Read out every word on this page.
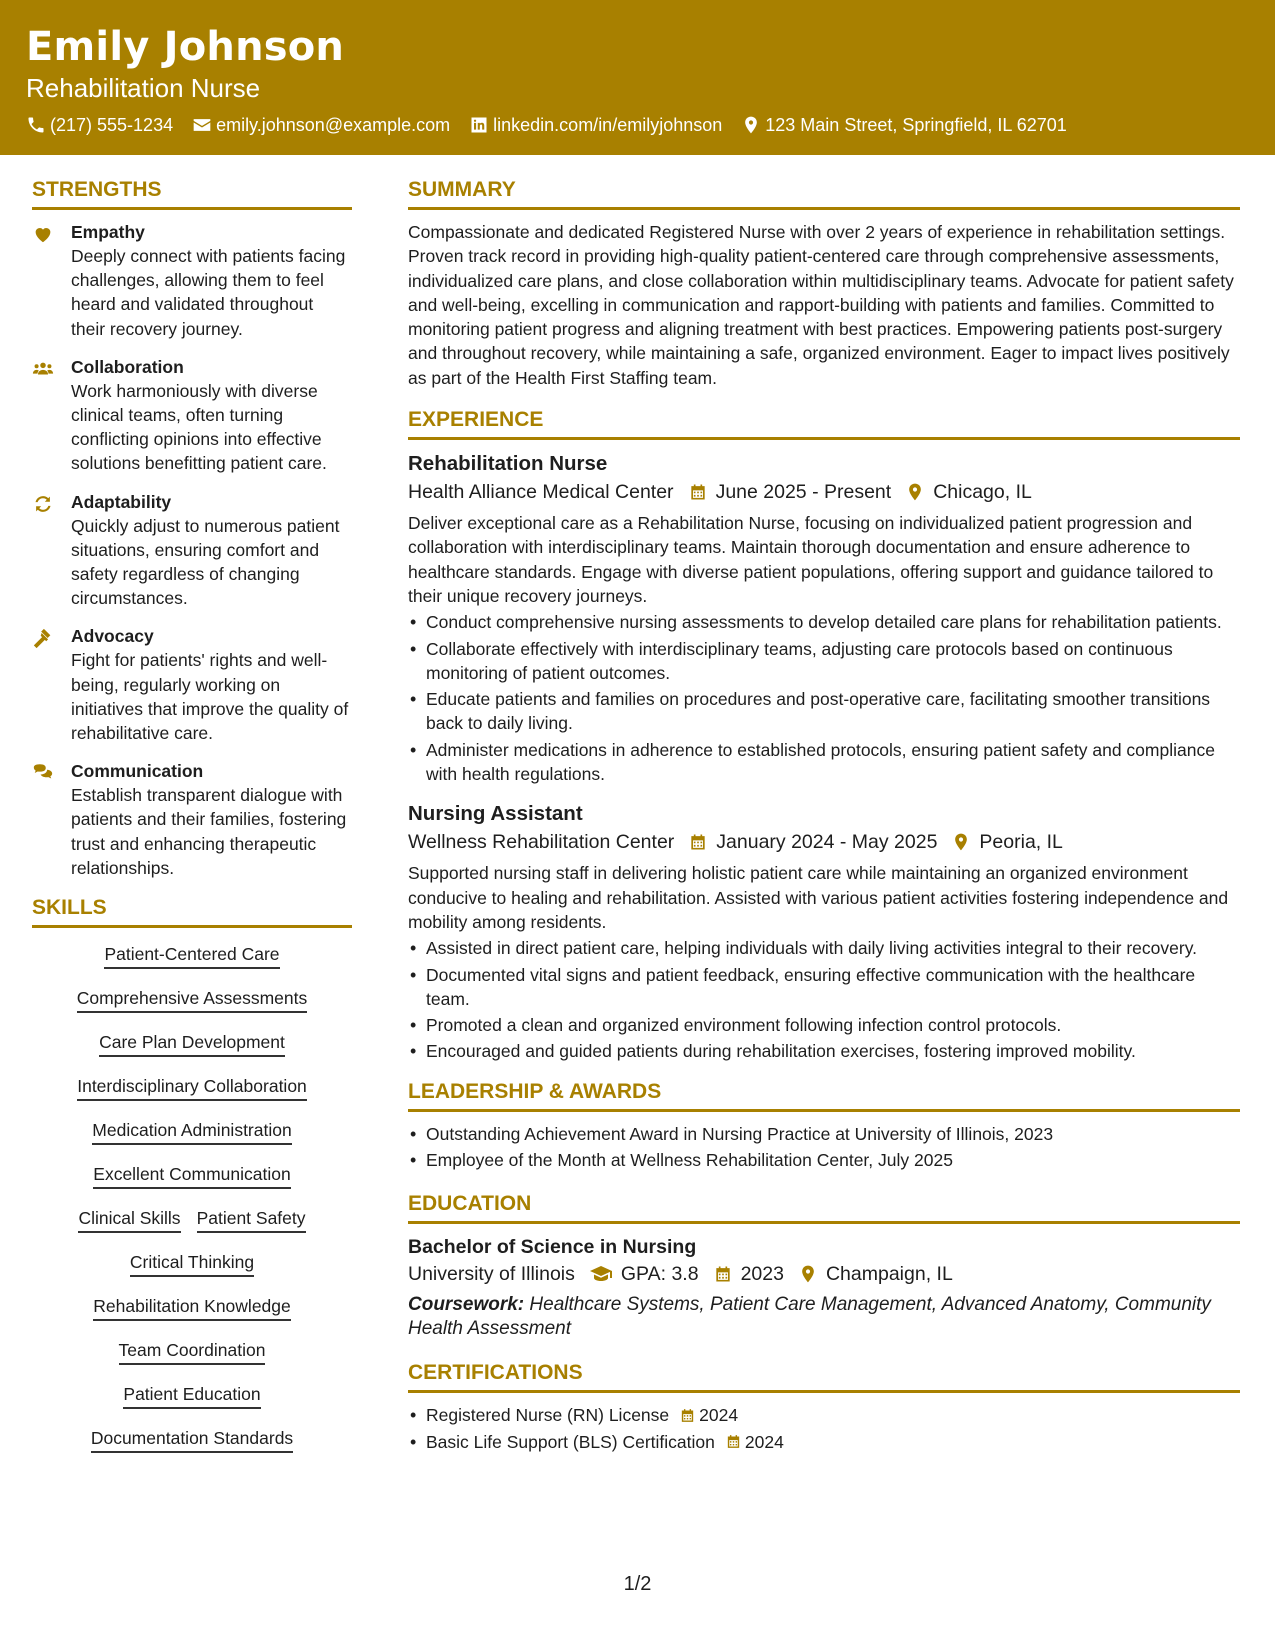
Emily Johnson
Rehabilitation Nurse
(217) 555-1234 emily.johnson@example.com linkedin.com/in/emilyjohnson 123 Main Street, Springfield, IL 62701
STRENGTHS
Empathy
Deeply connect with patients facing challenges, allowing them to feel heard and validated throughout their recovery journey.
Collaboration
Work harmoniously with diverse clinical teams, often turning conflicting opinions into effective solutions benefitting patient care.
Adaptability
Quickly adjust to numerous patient situations, ensuring comfort and safety regardless of changing circumstances.
Advocacy
Fight for patients' rights and well-being, regularly working on initiatives that improve the quality of rehabilitative care.
Communication
Establish transparent dialogue with patients and their families, fostering trust and enhancing therapeutic relationships.
SKILLS
Patient-Centered Care
Comprehensive Assessments
Care Plan Development
Interdisciplinary Collaboration
Medication Administration
Excellent Communication
Clinical Skills Patient Safety
Critical Thinking
Rehabilitation Knowledge
Team Coordination
Patient Education
Documentation Standards
SUMMARY
Compassionate and dedicated Registered Nurse with over 2 years of experience in rehabilitation settings. Proven track record in providing high-quality patient-centered care through comprehensive assessments, individualized care plans, and close collaboration within multidisciplinary teams. Advocate for patient safety and well-being, excelling in communication and rapport-building with patients and families. Committed to monitoring patient progress and aligning treatment with best practices. Empowering patients post-surgery and throughout recovery, while maintaining a safe, organized environment. Eager to impact lives positively as part of the Health First Staffing team.
EXPERIENCE
Rehabilitation Nurse
Health Alliance Medical Center June 2025 - Present Chicago, IL
Deliver exceptional care as a Rehabilitation Nurse, focusing on individualized patient progression and collaboration with interdisciplinary teams. Maintain thorough documentation and ensure adherence to healthcare standards. Engage with diverse patient populations, offering support and guidance tailored to their unique recovery journeys.
• Conduct comprehensive nursing assessments to develop detailed care plans for rehabilitation patients.
• Collaborate effectively with interdisciplinary teams, adjusting care protocols based on continuous monitoring of patient outcomes.
• Educate patients and families on procedures and post-operative care, facilitating smoother transitions back to daily living.
• Administer medications in adherence to established protocols, ensuring patient safety and compliance with health regulations.
Nursing Assistant
Wellness Rehabilitation Center January 2024 - May 2025 Peoria, IL
Supported nursing staff in delivering holistic patient care while maintaining an organized environment conducive to healing and rehabilitation. Assisted with various patient activities fostering independence and mobility among residents.
• Assisted in direct patient care, helping individuals with daily living activities integral to their recovery.
• Documented vital signs and patient feedback, ensuring effective communication with the healthcare team.
• Promoted a clean and organized environment following infection control protocols.
• Encouraged and guided patients during rehabilitation exercises, fostering improved mobility.
LEADERSHIP & AWARDS
• Outstanding Achievement Award in Nursing Practice at University of Illinois, 2023
• Employee of the Month at Wellness Rehabilitation Center, July 2025
EDUCATION
Bachelor of Science in Nursing
University of Illinois GPA: 3.8 2023 Champaign, IL
Coursework: Healthcare Systems, Patient Care Management, Advanced Anatomy, Community Health Assessment
CERTIFICATIONS
• Registered Nurse (RN) License 2024
• Basic Life Support (BLS) Certification 2024
1/2
